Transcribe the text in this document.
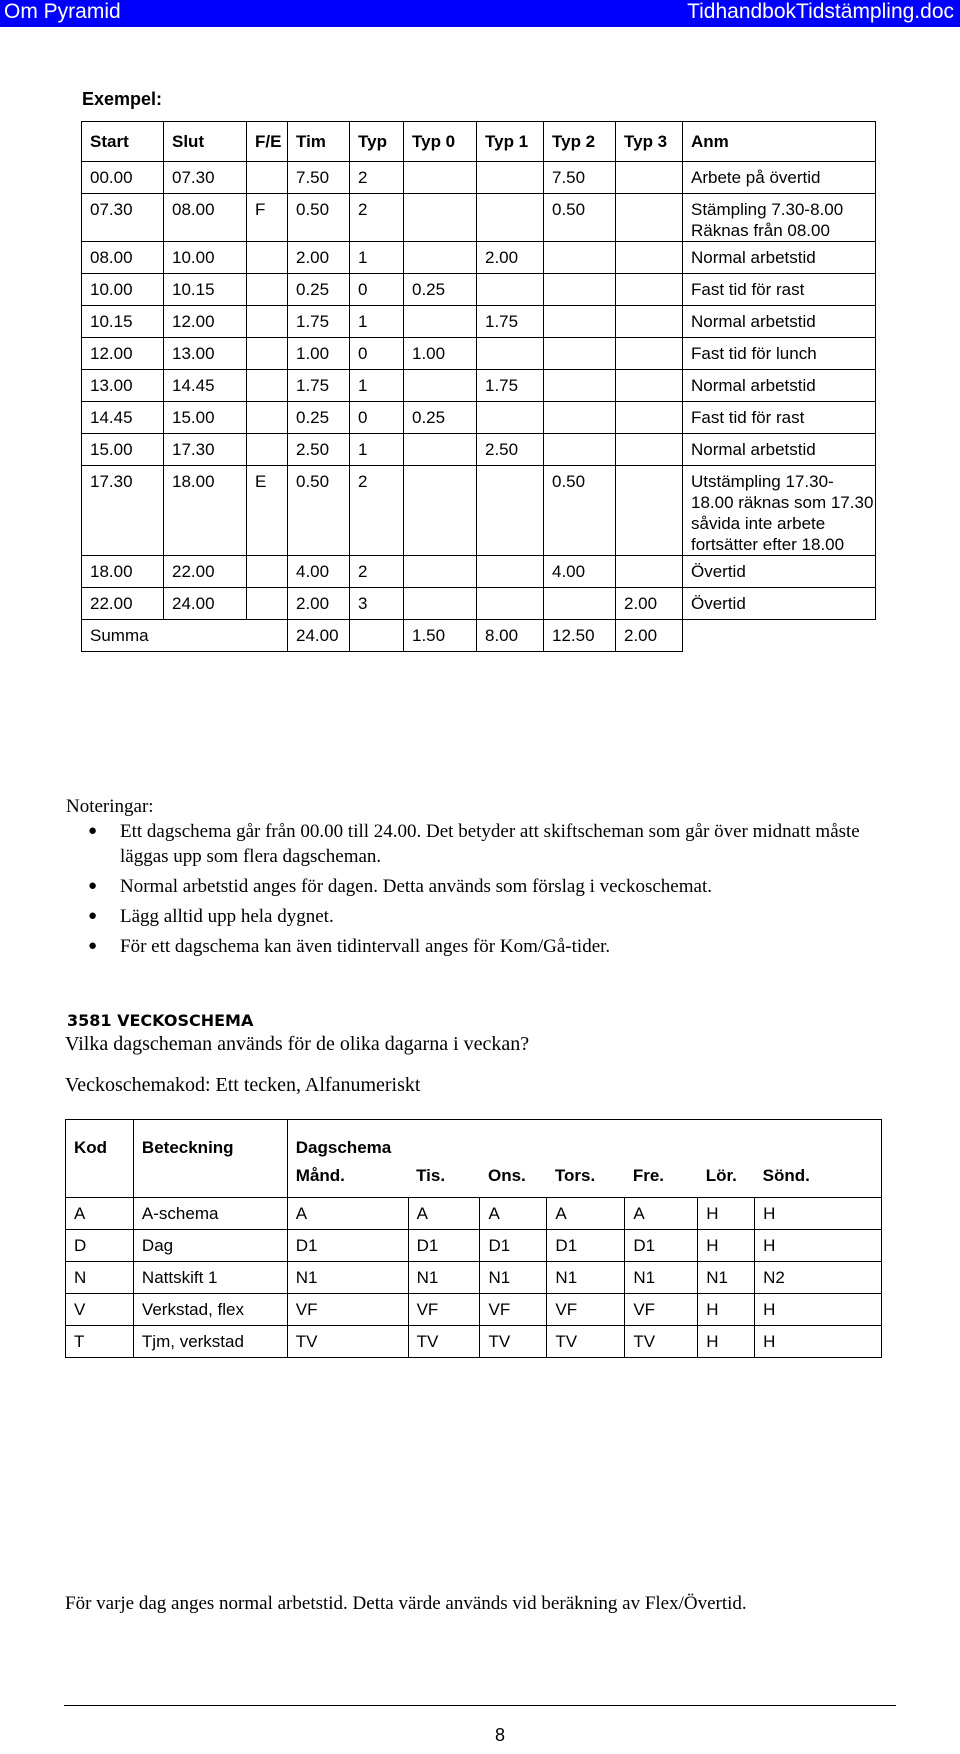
Om Pyramid	TidhandbokTidstämpling.doc
Exempel:
Start	Slut	F/E	Tim	Typ	Typ 0	Typ 1	Typ 2	Typ 3	Anm
00.00	07.30		7.50	2			7.50		Arbete på övertid
07.30	08.00	F	0.50	2			0.50		Stämpling 7.30-8.00 Räknas från 08.00
08.00	10.00		2.00	1		2.00			Normal arbetstid
10.00	10.15		0.25	0	0.25				Fast tid för rast
10.15	12.00		1.75	1		1.75			Normal arbetstid
12.00	13.00		1.00	0	1.00				Fast tid för lunch
13.00	14.45		1.75	1		1.75			Normal arbetstid
14.45	15.00		0.25	0	0.25				Fast tid för rast
15.00	17.30		2.50	1		2.50			Normal arbetstid
17.30	18.00	E	0.50	2			0.50		Utstämpling 17.30-18.00 räknas som 17.30 såvida inte arbete fortsätter efter 18.00
18.00	22.00		4.00	2			4.00		Övertid
22.00	24.00		2.00	3				2.00	Övertid
Summa			24.00		1.50	8.00	12.50	2.00	
Noteringar:
● Ett dagschema går från 00.00 till 24.00. Det betyder att skiftscheman som går över midnatt måste läggas upp som flera dagscheman.
● Normal arbetstid anges för dagen. Detta används som förslag i veckoschemat.
● Lägg alltid upp hela dygnet.
● För ett dagschema kan även tidintervall anges för Kom/Gå-tider.
3581 VECKOSCHEMA
Vilka dagscheman används för de olika dagarna i veckan?
Veckoschemakod: Ett tecken, Alfanumeriskt
Kod	Beteckning	Dagschema						
		Månd.	Tis.	Ons.	Tors.	Fre.	Lör.	Sönd.
A	A-schema	A	A	A	A	A	H	H
D	Dag	D1	D1	D1	D1	D1	H	H
N	Nattskift 1	N1	N1	N1	N1	N1	N1	N2
V	Verkstad, flex	VF	VF	VF	VF	VF	H	H
T	Tjm, verkstad	TV	TV	TV	TV	TV	H	H
För varje dag anges normal arbetstid. Detta värde används vid beräkning av Flex/Övertid.
8
